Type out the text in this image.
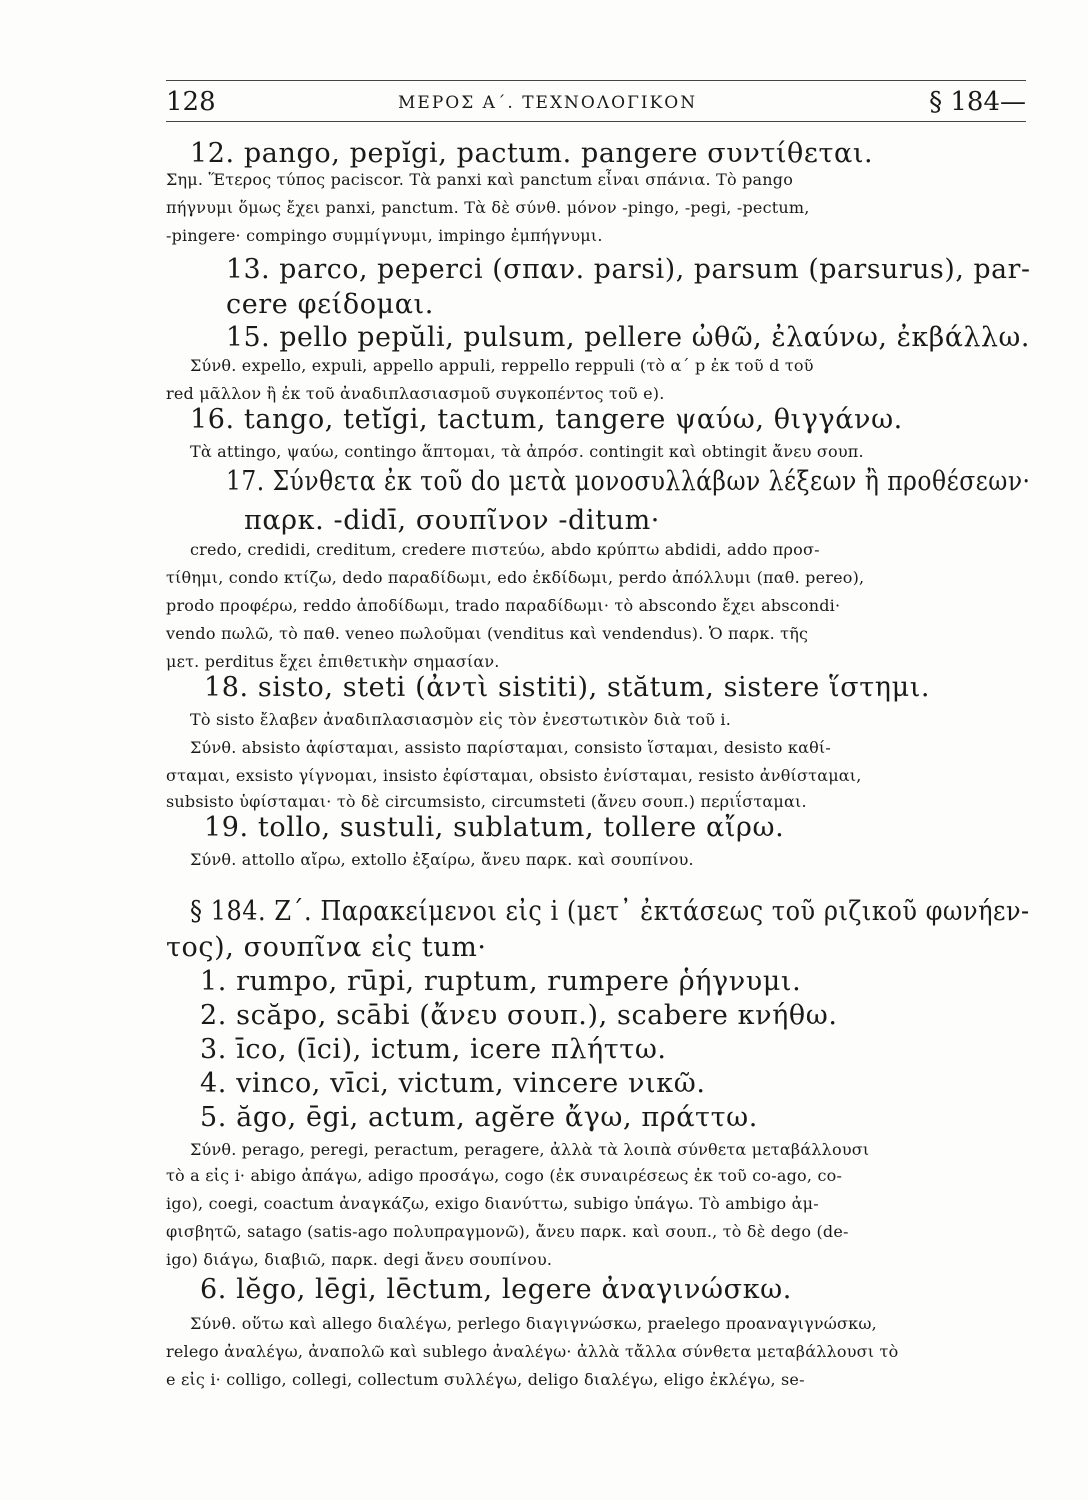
128	ΜΕΡΟΣ Α΄. ΤΕΧΝΟΛΟΓΙΚΟΝ	§ 184—
12. pango, pepĭgi, pactum. pangere συντίθεται.
Σημ. Ἕτερος τύπος paciscor. Τὰ panxi καὶ panctum εἶναι σπάνια. Τὸ pango
πήγνυμι ὅμως ἔχει panxi, panctum. Τὰ δὲ σύνθ. μόνον -pingo, -pegi, -pectum,
-pingere· compingo συμμίγνυμι, impingo ἐμπήγνυμι.
13. parco, peperci (σπαν. parsi), parsum (parsurus), par-
cere φείδομαι.
15. pello pepŭli, pulsum, pellere ὠθῶ, ἐλαύνω, ἐκβάλλω.
Σύνθ. expello, expuli, appello appuli, reppello reppuli (τὸ α΄ p ἐκ τοῦ d τοῦ
red μᾶλλον ἢ ἐκ τοῦ ἀναδιπλασιασμοῦ συγκοπέντος τοῦ e).
16. tango, tetĭgi, tactum, tangere ψαύω, θιγγάνω.
Τὰ attingo, ψαύω, contingo ἅπτομαι, τὰ ἀπρόσ. contingit καὶ obtingit ἄνευ σουπ.
17. Σύνθετα ἐκ τοῦ do μετὰ μονοσυλλάβων λέξεων ἢ προθέσεων·
παρκ. -didī, σουπῖνον -ditum·
credo, credidi, creditum, credere πιστεύω, abdo κρύπτω abdidi, addo προσ-
τίθημι, condo κτίζω, dedo παραδίδωμι, edo ἐκδίδωμι, perdo ἀπόλλυμι (παθ. pereo),
prodo προφέρω, reddo ἀποδίδωμι, trado παραδίδωμι· τὸ abscondo ἔχει abscondi·
vendo πωλῶ, τὸ παθ. veneo πωλοῦμαι (venditus καὶ vendendus). Ὁ παρκ. τῆς
μετ. perditus ἔχει ἐπιθετικὴν σημασίαν.
18. sisto, steti (ἀντὶ sistiti), stătum, sistere ἵστημι.
Τὸ sisto ἔλαβεν ἀναδιπλασιασμὸν εἰς τὸν ἐνεστωτικὸν διὰ τοῦ i.
Σύνθ. absisto ἀφίσταμαι, assisto παρίσταμαι, consisto ἵσταμαι, desisto καθί-
σταμαι, exsisto γίγνομαι, insisto ἐφίσταμαι, obsisto ἐνίσταμαι, resisto ἀνθίσταμαι,
subsisto ὑφίσταμαι· τὸ δὲ circumsisto, circumsteti (ἄνευ σουπ.) περιΐσταμαι.
19. tollo, sustuli, sublatum, tollere αἴρω.
Σύνθ. attollo αἴρω, extollo ἐξαίρω, ἄνευ παρκ. καὶ σουπίνου.
§ 184. Ζ΄. Παρακείμενοι εἰς i (μετ᾽ ἐκτάσεως τοῦ ριζικοῦ φωνήεν-
τος), σουπῖνα εἰς tum·
1. rumpo, rūpi, ruptum, rumpere ῥήγνυμι.
2. scăpo, scābi (ἄνευ σουπ.), scabere κνήθω.
3. īco, (īci), ictum, icere πλήττω.
4. vinco, vīci, victum, vincere νικῶ.
5. ăgo, ēgi, actum, agĕre ἄγω, πράττω.
Σύνθ. perago, peregi, peractum, peragere, ἀλλὰ τὰ λοιπὰ σύνθετα μεταβάλλουσι
τὸ a εἰς i· abigo ἀπάγω, adigo προσάγω, cogo (ἐκ συναιρέσεως ἐκ τοῦ co-ago, co-
igo), coegi, coactum ἀναγκάζω, exigo διανύττω, subigo ὑπάγω. Τὸ ambigo ἀμ-
φισβητῶ, satago (satis-ago πολυπραγμονῶ), ἄνευ παρκ. καὶ σουπ., τὸ δὲ dego (de-
igo) διάγω, διαβιῶ, παρκ. degi ἄνευ σουπίνου.
6. lĕgo, lēgi, lēctum, legere ἀναγινώσκω.
Σύνθ. οὕτω καὶ allego διαλέγω, perlego διαγιγνώσκω, praelego προαναγιγνώσκω,
relego ἀναλέγω, ἀναπολῶ καὶ sublego ἀναλέγω· ἀλλὰ τἄλλα σύνθετα μεταβάλλουσι τὸ
e εἰς i· colligo, collegi, collectum συλλέγω, deligo διαλέγω, eligo ἐκλέγω, se-
